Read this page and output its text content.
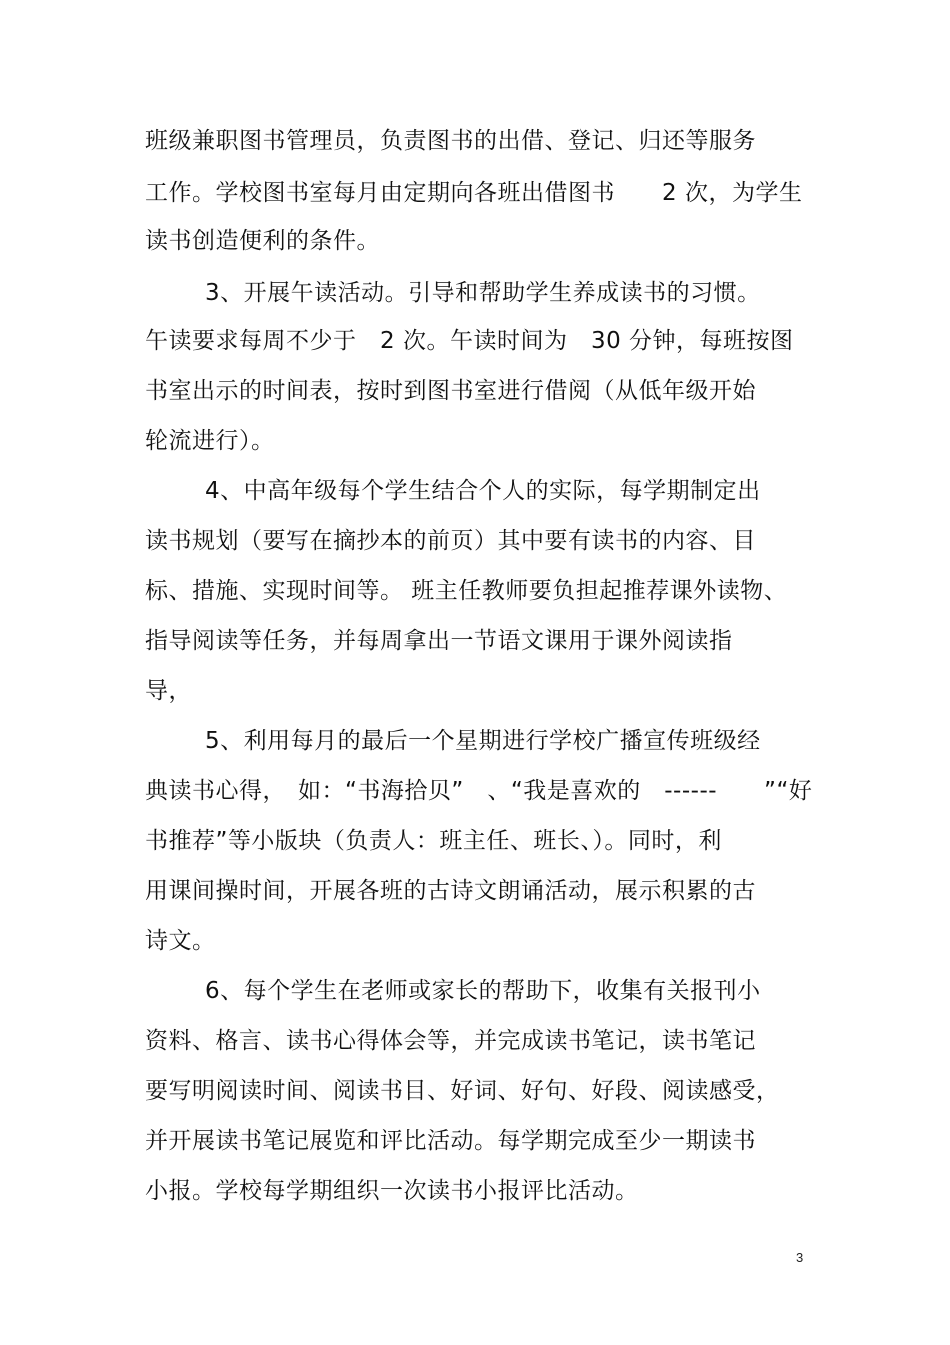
班级兼职图书管理员，负责图书的出借、登记、归还等服务
工作。学校图书室每月由定期向各班出借图书　　2 次，为学生
读书创造便利的条件。
3、开展午读活动。引导和帮助学生养成读书的习惯。
午读要求每周不少于　2 次。午读时间为　30 分钟，每班按图
书室出示的时间表，按时到图书室进行借阅（从低年级开始
轮流进行）。
4、中高年级每个学生结合个人的实际，每学期制定出
读书规划（要写在摘抄本的前页）其中要有读书的内容、目
标、措施、实现时间等。 班主任教师要负担起推荐课外读物、
指导阅读等任务，并每周拿出一节语文课用于课外阅读指
导，
5、利用每月的最后一个星期进行学校广播宣传班级经
典读书心得，　如：“书海拾贝”　、“我是喜欢的　------　　”“好
书推荐”等小版块（负责人：班主任、班长、）。同时，利
用课间操时间，开展各班的古诗文朗诵活动，展示积累的古
诗文。
6、每个学生在老师或家长的帮助下，收集有关报刊小
资料、格言、读书心得体会等，并完成读书笔记，读书笔记
要写明阅读时间、阅读书目、好词、好句、好段、阅读感受，
并开展读书笔记展览和评比活动。每学期完成至少一期读书
小报。学校每学期组织一次读书小报评比活动。
3
